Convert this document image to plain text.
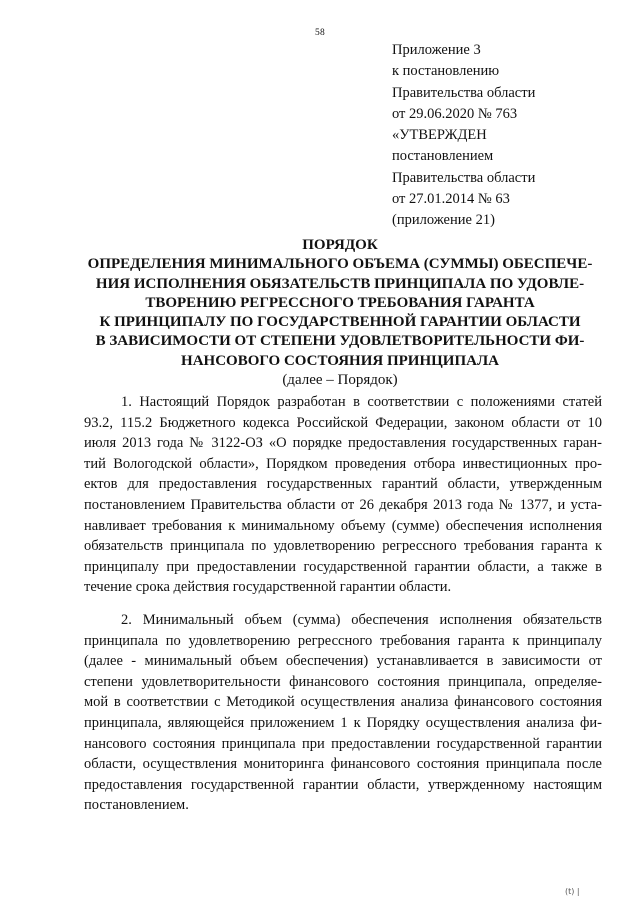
58
Приложение 3
к постановлению
Правительства области
от 29.06.2020 № 763
«УТВЕРЖДЕН
постановлением
Правительства области
от 27.01.2014 № 63
(приложение 21)
ПОРЯДОК
ОПРЕДЕЛЕНИЯ МИНИМАЛЬНОГО ОБЪЕМА (СУММЫ) ОБЕСПЕЧЕ-
НИЯ ИСПОЛНЕНИЯ ОБЯЗАТЕЛЬСТВ ПРИНЦИПАЛА ПО УДОВЛЕ-
ТВОРЕНИЮ РЕГРЕССНОГО ТРЕБОВАНИЯ ГАРАНТА
К ПРИНЦИПАЛУ ПО ГОСУДАРСТВЕННОЙ ГАРАНТИИ ОБЛАСТИ
В ЗАВИСИМОСТИ ОТ СТЕПЕНИ УДОВЛЕТВОРИТЕЛЬНОСТИ ФИ-
НАНСОВОГО СОСТОЯНИЯ ПРИНЦИПАЛА
(далее – Порядок)
1. Настоящий Порядок разработан в соответствии с положениями статей
93.2, 115.2 Бюджетного кодекса Российской Федерации, законом области от 10
июля 2013 года № 3122-ОЗ «О порядке предоставления государственных гаран-
тий Вологодской области», Порядком проведения отбора инвестиционных про-
ектов для предоставления государственных гарантий области, утвержденным
постановлением Правительства области от 26 декабря 2013 года № 1377, и уста-
навливает требования к минимальному объему (сумме) обеспечения исполнения
обязательств принципала по удовлетворению регрессного требования гаранта к
принципалу при предоставлении государственной гарантии области, а также в
течение срока действия государственной гарантии области.
2. Минимальный объем (сумма) обеспечения исполнения обязательств
принципала по удовлетворению регрессного требования гаранта к принципалу
(далее - минимальный объем обеспечения) устанавливается в зависимости от
степени удовлетворительности финансового состояния принципала, определяе-
мой в соответствии с Методикой осуществления анализа финансового состояния
принципала, являющейся приложением 1 к Порядку осуществления анализа фи-
нансового состояния принципала при предоставлении государственной гарантии
области, осуществления мониторинга финансового состояния принципала после
предоставления государственной гарантии области, утвержденному настоящим
постановлением.
(t) |
